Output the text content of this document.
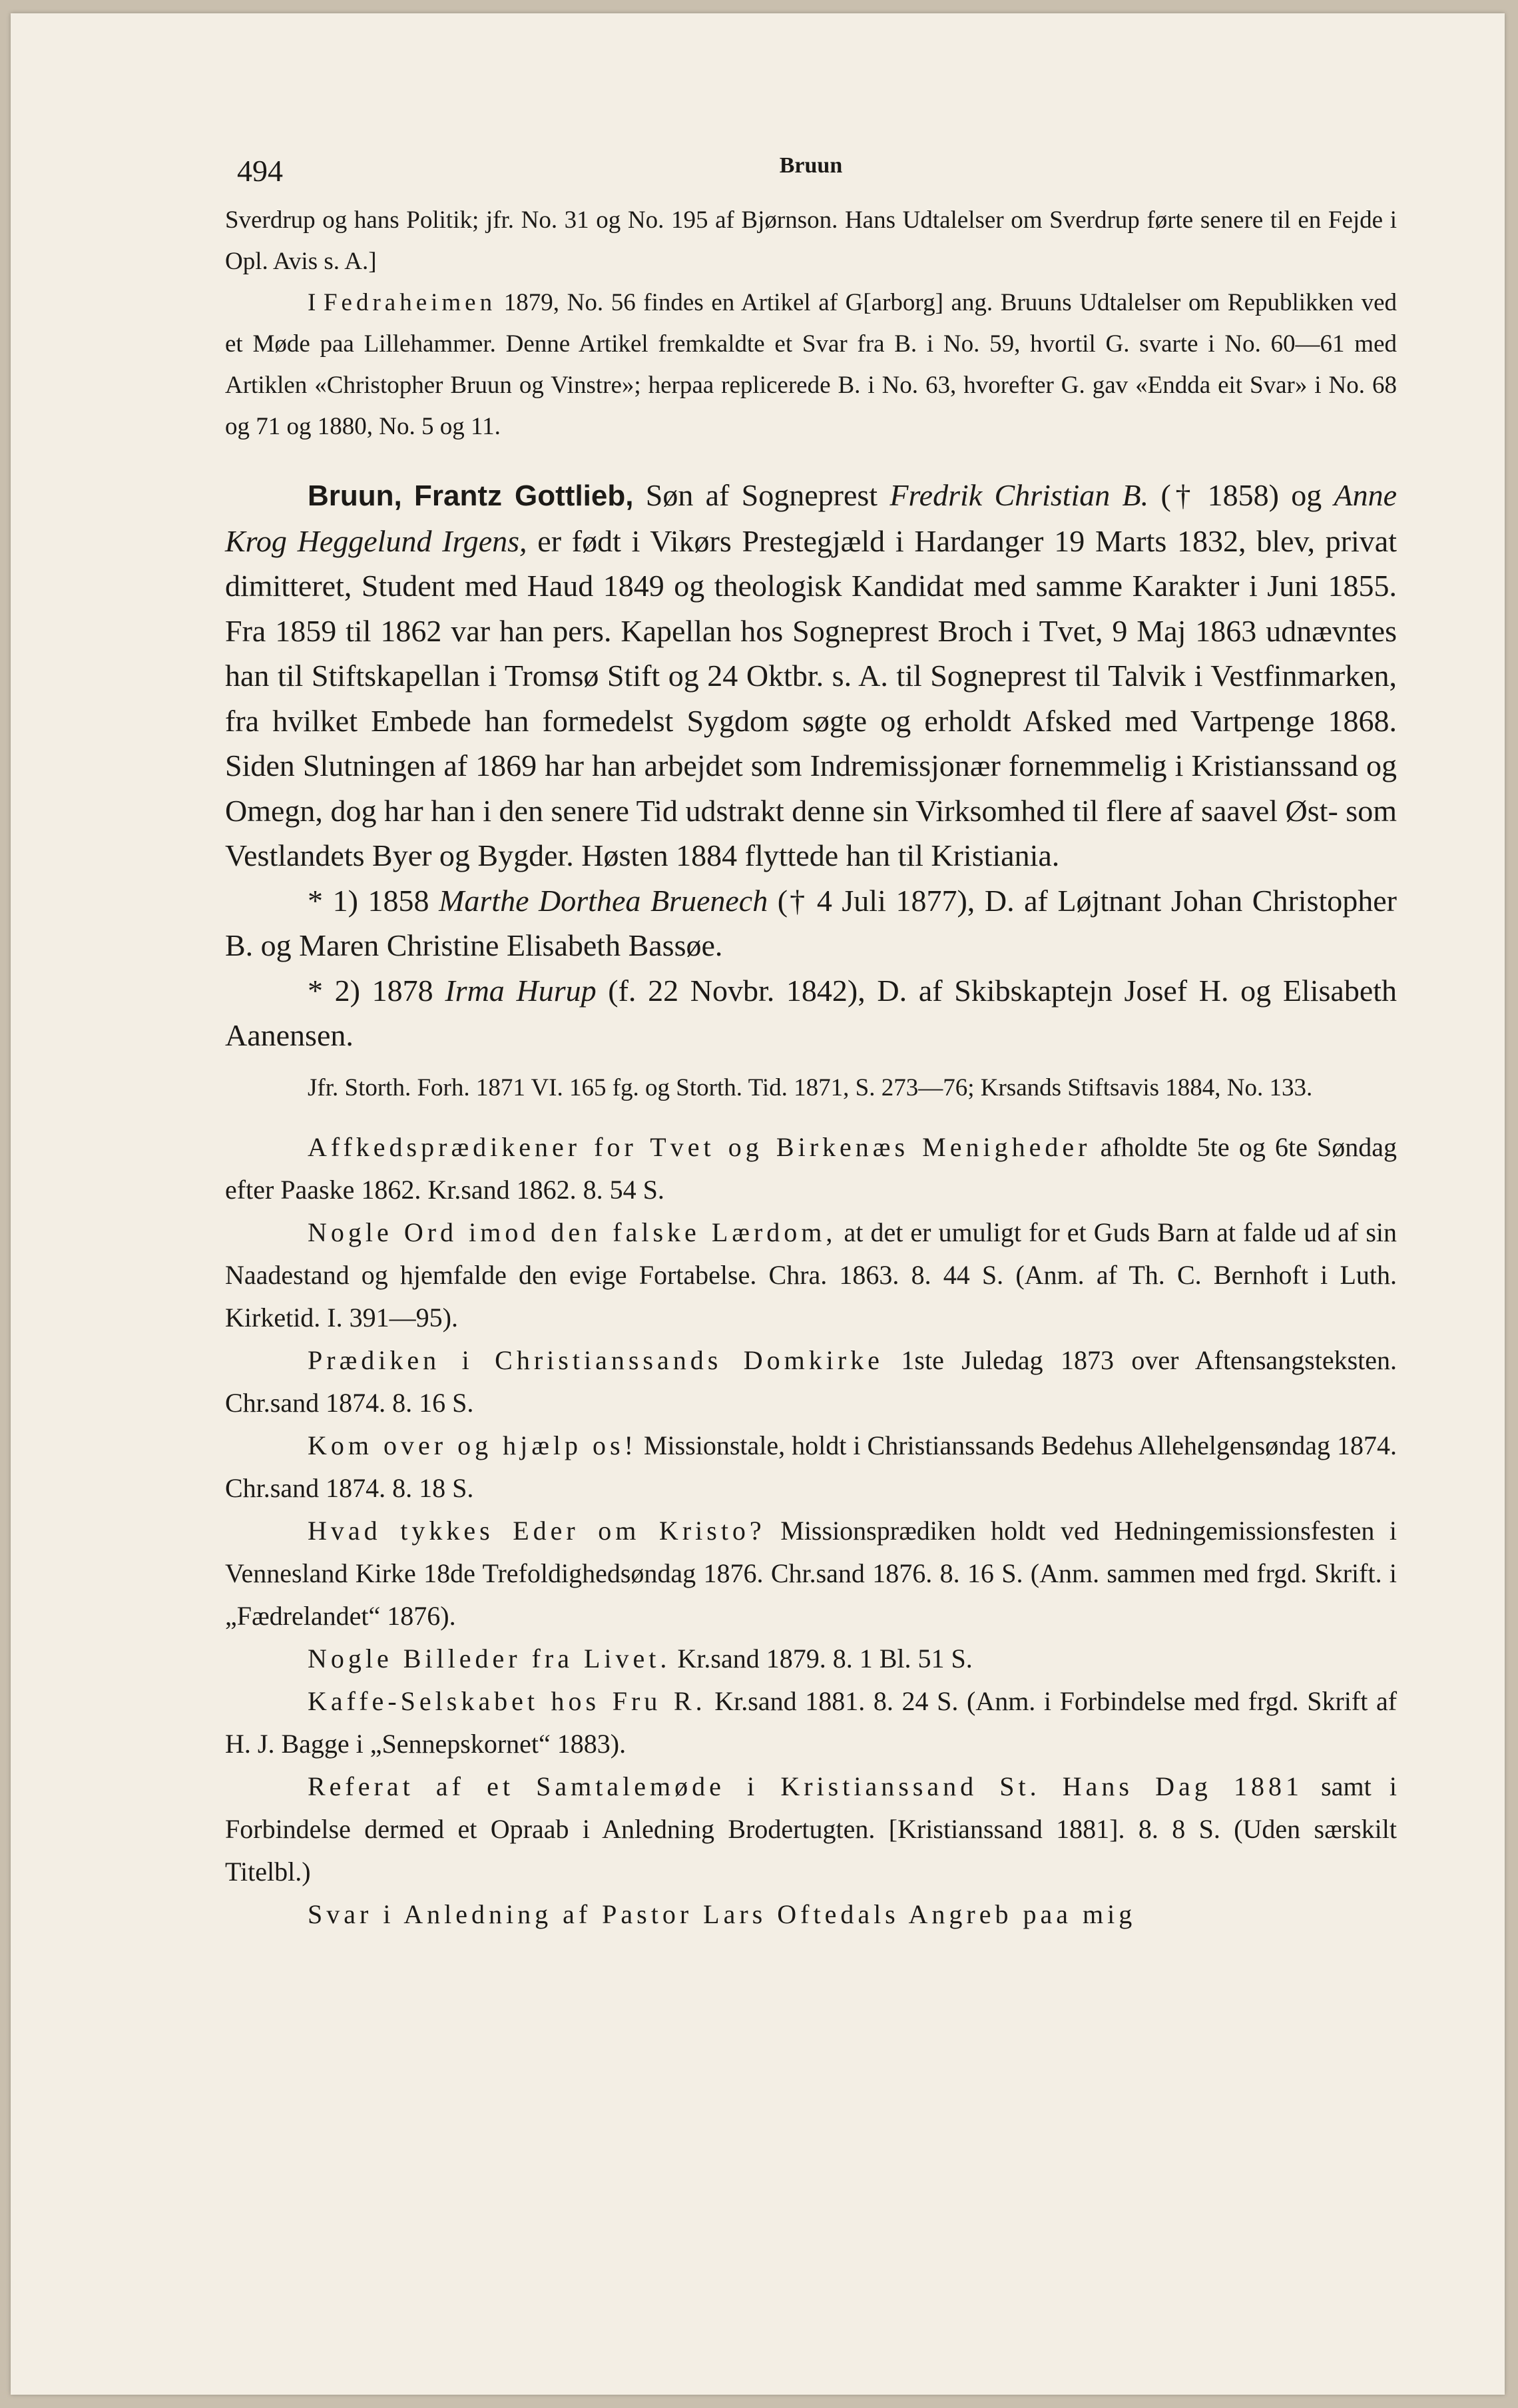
494	Bruun

Sverdrup og hans Politik; jfr. No. 31 og No. 195 af Bjørnson. Hans Udtalelser om Sverdrup førte senere til en Fejde i Opl. Avis s. A.]

I Fedraheimen 1879, No. 56 findes en Artikel af G[arborg] ang. Bruuns Udtalelser om Republikken ved et Møde paa Lillehammer. Denne Artikel fremkaldte et Svar fra B. i No. 59, hvortil G. svarte i No. 60—61 med Artiklen «Christopher Bruun og Vinstre»; herpaa replicerede B. i No. 63, hvorefter G. gav «Endda eit Svar» i No. 68 og 71 og 1880, No. 5 og 11.

Bruun, Frantz Gottlieb, Søn af Sogneprest Fredrik Christian B. († 1858) og Anne Krog Heggelund Irgens, er født i Vikørs Prestegjæld i Hardanger 19 Marts 1832, blev, privat dimitteret, Student med Haud 1849 og theologisk Kandidat med samme Karakter i Juni 1855. Fra 1859 til 1862 var han pers. Kapellan hos Sogneprest Broch i Tvet, 9 Maj 1863 udnævntes han til Stiftskapellan i Tromsø Stift og 24 Oktbr. s. A. til Sogneprest til Talvik i Vestfinmarken, fra hvilket Embede han formedelst Sygdom søgte og erholdt Afsked med Vartpenge 1868. Siden Slutningen af 1869 har han arbejdet som Indremissjonær fornemmelig i Kristianssand og Omegn, dog har han i den senere Tid udstrakt denne sin Virksomhed til flere af saavel Øst- som Vestlandets Byer og Bygder. Høsten 1884 flyttede han til Kristiania.

* 1) 1858 Marthe Dorthea Bruenech († 4 Juli 1877), D. af Løjtnant Johan Christopher B. og Maren Christine Elisabeth Bassøe.

* 2) 1878 Irma Hurup (f. 22 Novbr. 1842), D. af Skibskaptejn Josef H. og Elisabeth Aanensen.

Jfr. Storth. Forh. 1871 VI. 165 fg. og Storth. Tid. 1871, S. 273—76; Krsands Stiftsavis 1884, No. 133.

Affkedsprædikener for Tvet og Birkenæs Menigheder afholdte 5te og 6te Søndag efter Paaske 1862. Kr.sand 1862. 8. 54 S.

Nogle Ord imod den falske Lærdom, at det er umuligt for et Guds Barn at falde ud af sin Naadestand og hjemfalde den evige Fortabelse. Chra. 1863. 8. 44 S. (Anm. af Th. C. Bernhoft i Luth. Kirketid. I. 391—95).

Prædiken i Christianssands Domkirke 1ste Juledag 1873 over Aftensangsteksten. Chr.sand 1874. 8. 16 S.

Kom over og hjælp os! Missionstale, holdt i Christianssands Bedehus Allehelgensøndag 1874. Chr.sand 1874. 8. 18 S.

Hvad tykkes Eder om Kristo? Missionsprædiken holdt ved Hedningemissionsfesten i Vennesland Kirke 18de Trefoldighedsøndag 1876. Chr.sand 1876. 8. 16 S. (Anm. sammen med frgd. Skrift. i „Fædrelandet“ 1876).

Nogle Billeder fra Livet. Kr.sand 1879. 8. 1 Bl. 51 S.

Kaffe-Selskabet hos Fru R. Kr.sand 1881. 8. 24 S. (Anm. i Forbindelse med frgd. Skrift af H. J. Bagge i „Sennepskornet“ 1883).

Referat af et Samtalemøde i Kristianssand St. Hans Dag 1881 samt i Forbindelse dermed et Opraab i Anledning Brodertugten. [Kristianssand 1881]. 8. 8 S. (Uden særskilt Titelbl.)

Svar i Anledning af Pastor Lars Oftedals Angreb paa mig
